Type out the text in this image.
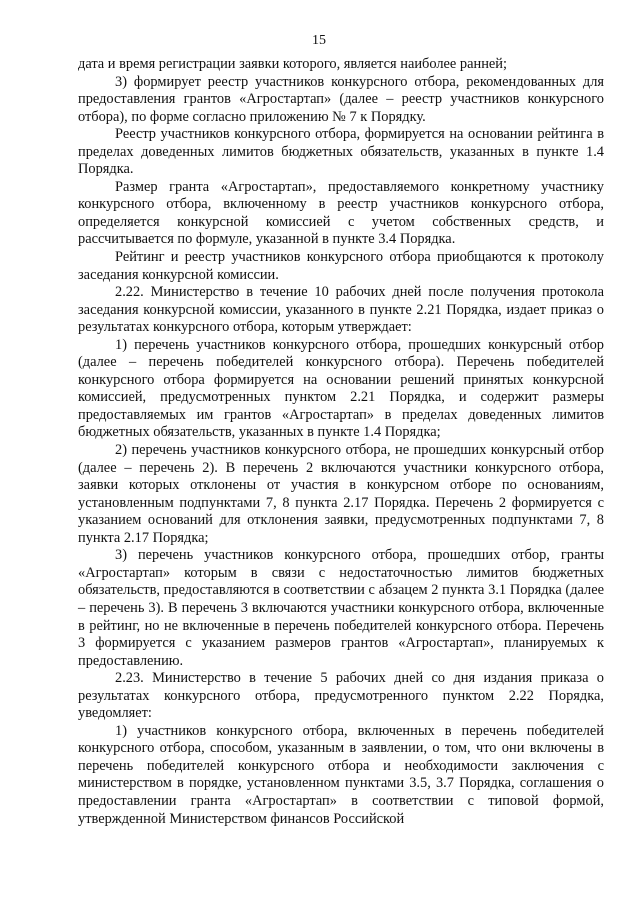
15

дата и время регистрации заявки которого, является наиболее ранней;

3) формирует реестр участников конкурсного отбора, рекомендованных для предоставления грантов «Агростартап» (далее – реестр участников конкурсного отбора), по форме согласно приложению № 7 к Порядку.

Реестр участников конкурсного отбора, формируется на основании рейтинга в пределах доведенных лимитов бюджетных обязательств, указанных в пункте 1.4 Порядка.

Размер гранта «Агростартап», предоставляемого конкретному участнику конкурсного отбора, включенному в реестр участников конкурсного отбора, определяется конкурсной комиссией с учетом собственных средств, и рассчитывается по формуле, указанной в пункте 3.4 Порядка.

Рейтинг и реестр участников конкурсного отбора приобщаются к протоколу заседания конкурсной комиссии.

2.22. Министерство в течение 10 рабочих дней после получения протокола заседания конкурсной комиссии, указанного в пункте 2.21 Порядка, издает приказ о результатах конкурсного отбора, которым утверждает:

1) перечень участников конкурсного отбора, прошедших конкурсный отбор (далее – перечень победителей конкурсного отбора). Перечень победителей конкурсного отбора формируется на основании решений принятых конкурсной комиссией, предусмотренных пунктом 2.21 Порядка, и содержит размеры предоставляемых им грантов «Агростартап» в пределах доведенных лимитов бюджетных обязательств, указанных в пункте 1.4 Порядка;

2) перечень участников конкурсного отбора, не прошедших конкурсный отбор (далее – перечень 2). В перечень 2 включаются участники конкурсного отбора, заявки которых отклонены от участия в конкурсном отборе по основаниям, установленным подпунктами 7, 8 пункта 2.17 Порядка. Перечень 2 формируется с указанием оснований для отклонения заявки, предусмотренных подпунктами 7, 8 пункта 2.17 Порядка;

3) перечень участников конкурсного отбора, прошедших отбор, гранты «Агростартап» которым в связи с недостаточностью лимитов бюджетных обязательств, предоставляются в соответствии с абзацем 2 пункта 3.1 Порядка (далее – перечень 3). В перечень 3 включаются участники конкурсного отбора, включенные в рейтинг, но не включенные в перечень победителей конкурсного отбора. Перечень 3 формируется с указанием размеров грантов «Агростартап», планируемых к предоставлению.

2.23. Министерство в течение 5 рабочих дней со дня издания приказа о результатах конкурсного отбора, предусмотренного пунктом 2.22 Порядка, уведомляет:

1) участников конкурсного отбора, включенных в перечень победителей конкурсного отбора, способом, указанным в заявлении, о том, что они включены в перечень победителей конкурсного отбора и необходимости заключения с министерством в порядке, установленном пунктами 3.5, 3.7 Порядка, соглашения о предоставлении гранта «Агростартап» в соответствии с типовой формой, утвержденной Министерством финансов Российской
